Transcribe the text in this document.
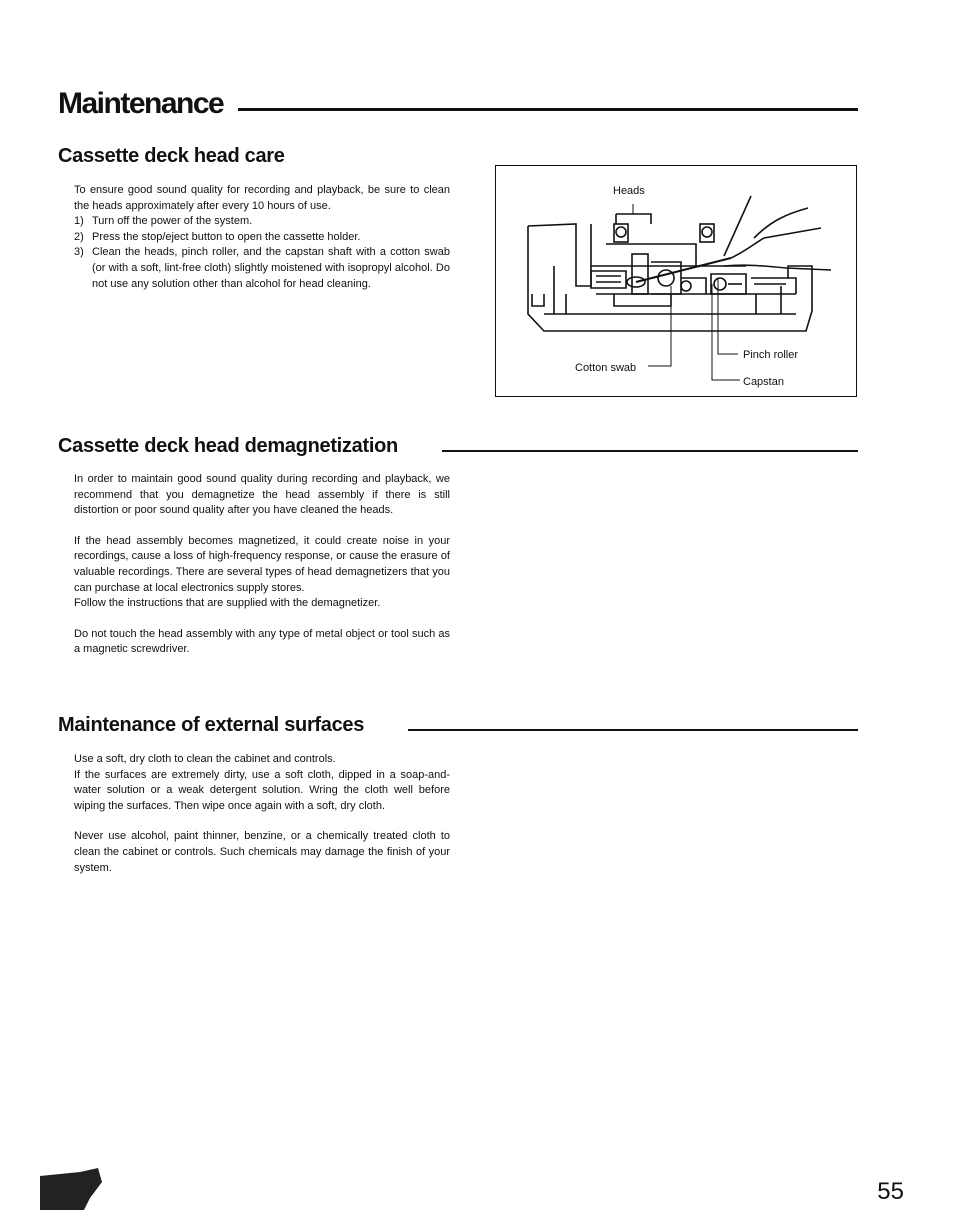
Maintenance
Cassette deck head care

To ensure good sound quality for recording and playback, be sure to clean the heads approximately after every 10 hours of use.

1) Turn off the power of the system.
2) Press the stop/eject button to open the cassette holder.
3) Clean the heads, pinch roller, and the capstan shaft with a cotton swab (or with a soft, lint-free cloth) slightly moistened with isopropyl alcohol. Do not use any solution other than alcohol for head cleaning.
Heads
Cotton swab
Pinch roller
Capstan
Cassette deck head demagnetization

In order to maintain good sound quality during recording and playback, we recommend that you demagnetize the head assembly if there is still distortion or poor sound quality after you have cleaned the heads.

If the head assembly becomes magnetized, it could create noise in your recordings, cause a loss of high-frequency response, or cause the erasure of valuable recordings. There are several types of head demagnetizers that you can purchase at local electronics supply stores.

Follow the instructions that are supplied with the demagnetizer.

Do not touch the head assembly with any type of metal object or tool such as a magnetic screwdriver.

Maintenance of external surfaces

Use a soft, dry cloth to clean the cabinet and controls.

If the surfaces are extremely dirty, use a soft cloth, dipped in a soap-and-water solution or a weak detergent solution. Wring the cloth well before wiping the surfaces. Then wipe once again with a soft, dry cloth.

Never use alcohol, paint thinner, benzine, or a chemically treated cloth to clean the cabinet or controls. Such chemicals may damage the finish of your system.

55
